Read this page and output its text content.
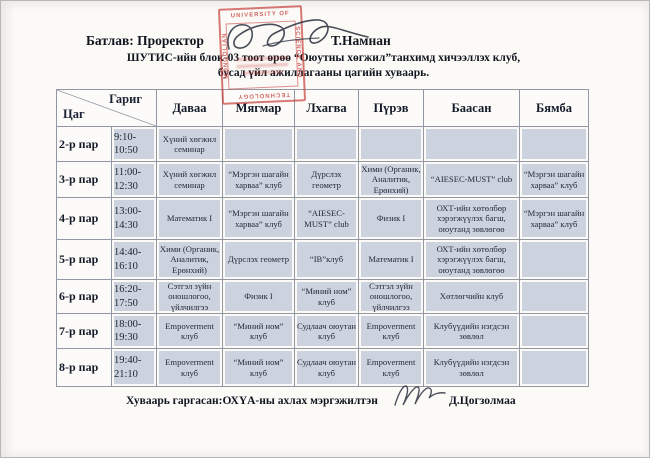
Батлав: Проректор	Т.Намнан
ШУТИС-ийн блок-03 тоот өрөө “Оюутны хөгжил”танхимд хичээллэх клуб,
бусад үйл ажиллагааны цагийн хуваарь.
UNIVERSITY OF
MONGOLIAN
TECHNOLOGY
SCIENCE AND
Гариг
Цаг		Даваа	Мягмар	Лхагва	Пүрэв	Баасан	Бямба
2-р пар	9:10-10:50	Хүний хөгжил семинар					
3-р пар	11:00-12:30	Хүний хөгжил семинар	“Мэргэн шагайн харваа” клуб	Дүрслэх геометр	Хими (Органик, Аналитик, Ерөнхий)	“AIESEC-MUST” club	“Мэргэн шагайн харваа” клуб
4-р пар	13:00-14:30	Математик I	“Мэргэн шагайн харваа” клуб	“AIESEC-MUST” club	Физик I	ОХТ-ийн хөтөлбөр хэрэгжүүлэх багш, оюутанд зөвлөгөө	“Мэргэн шагайн харваа” клуб
5-р пар	14:40-16:10	Хими (Органик, Аналитик, Ерөнхий)	Дүрслэх геометр	“IB”клуб	Математик I	ОХТ-ийн хөтөлбөр хэрэгжүүлэх багш, оюутанд зөвлөгөө	
6-р пар	16:20-17:50	Сэтгэл зүйн оношлогоо, үйлчилгээ	Физик I	“Миний ном” клуб	Сэтгэл зүйн оношлогоо, үйлчилгээ	Хөтлөгчийн клуб	
7-р пар	18:00-19:30	Empoverment клуб	“Миний ном” клуб	Судлаач оюутан клуб	Empoverment клуб	Клубүүдийн нэгдсэн зөвлөл	
8-р пар	19:40-21:10	Empoverment клуб	“Миний ном” клуб	Судлаач оюутан клуб	Empoverment клуб	Клубүүдийн нэгдсэн зөвлөл	
Хуваарь гаргасан:ОХҮА-ны ахлах мэргэжилтэн	Д.Цогзолмаа
